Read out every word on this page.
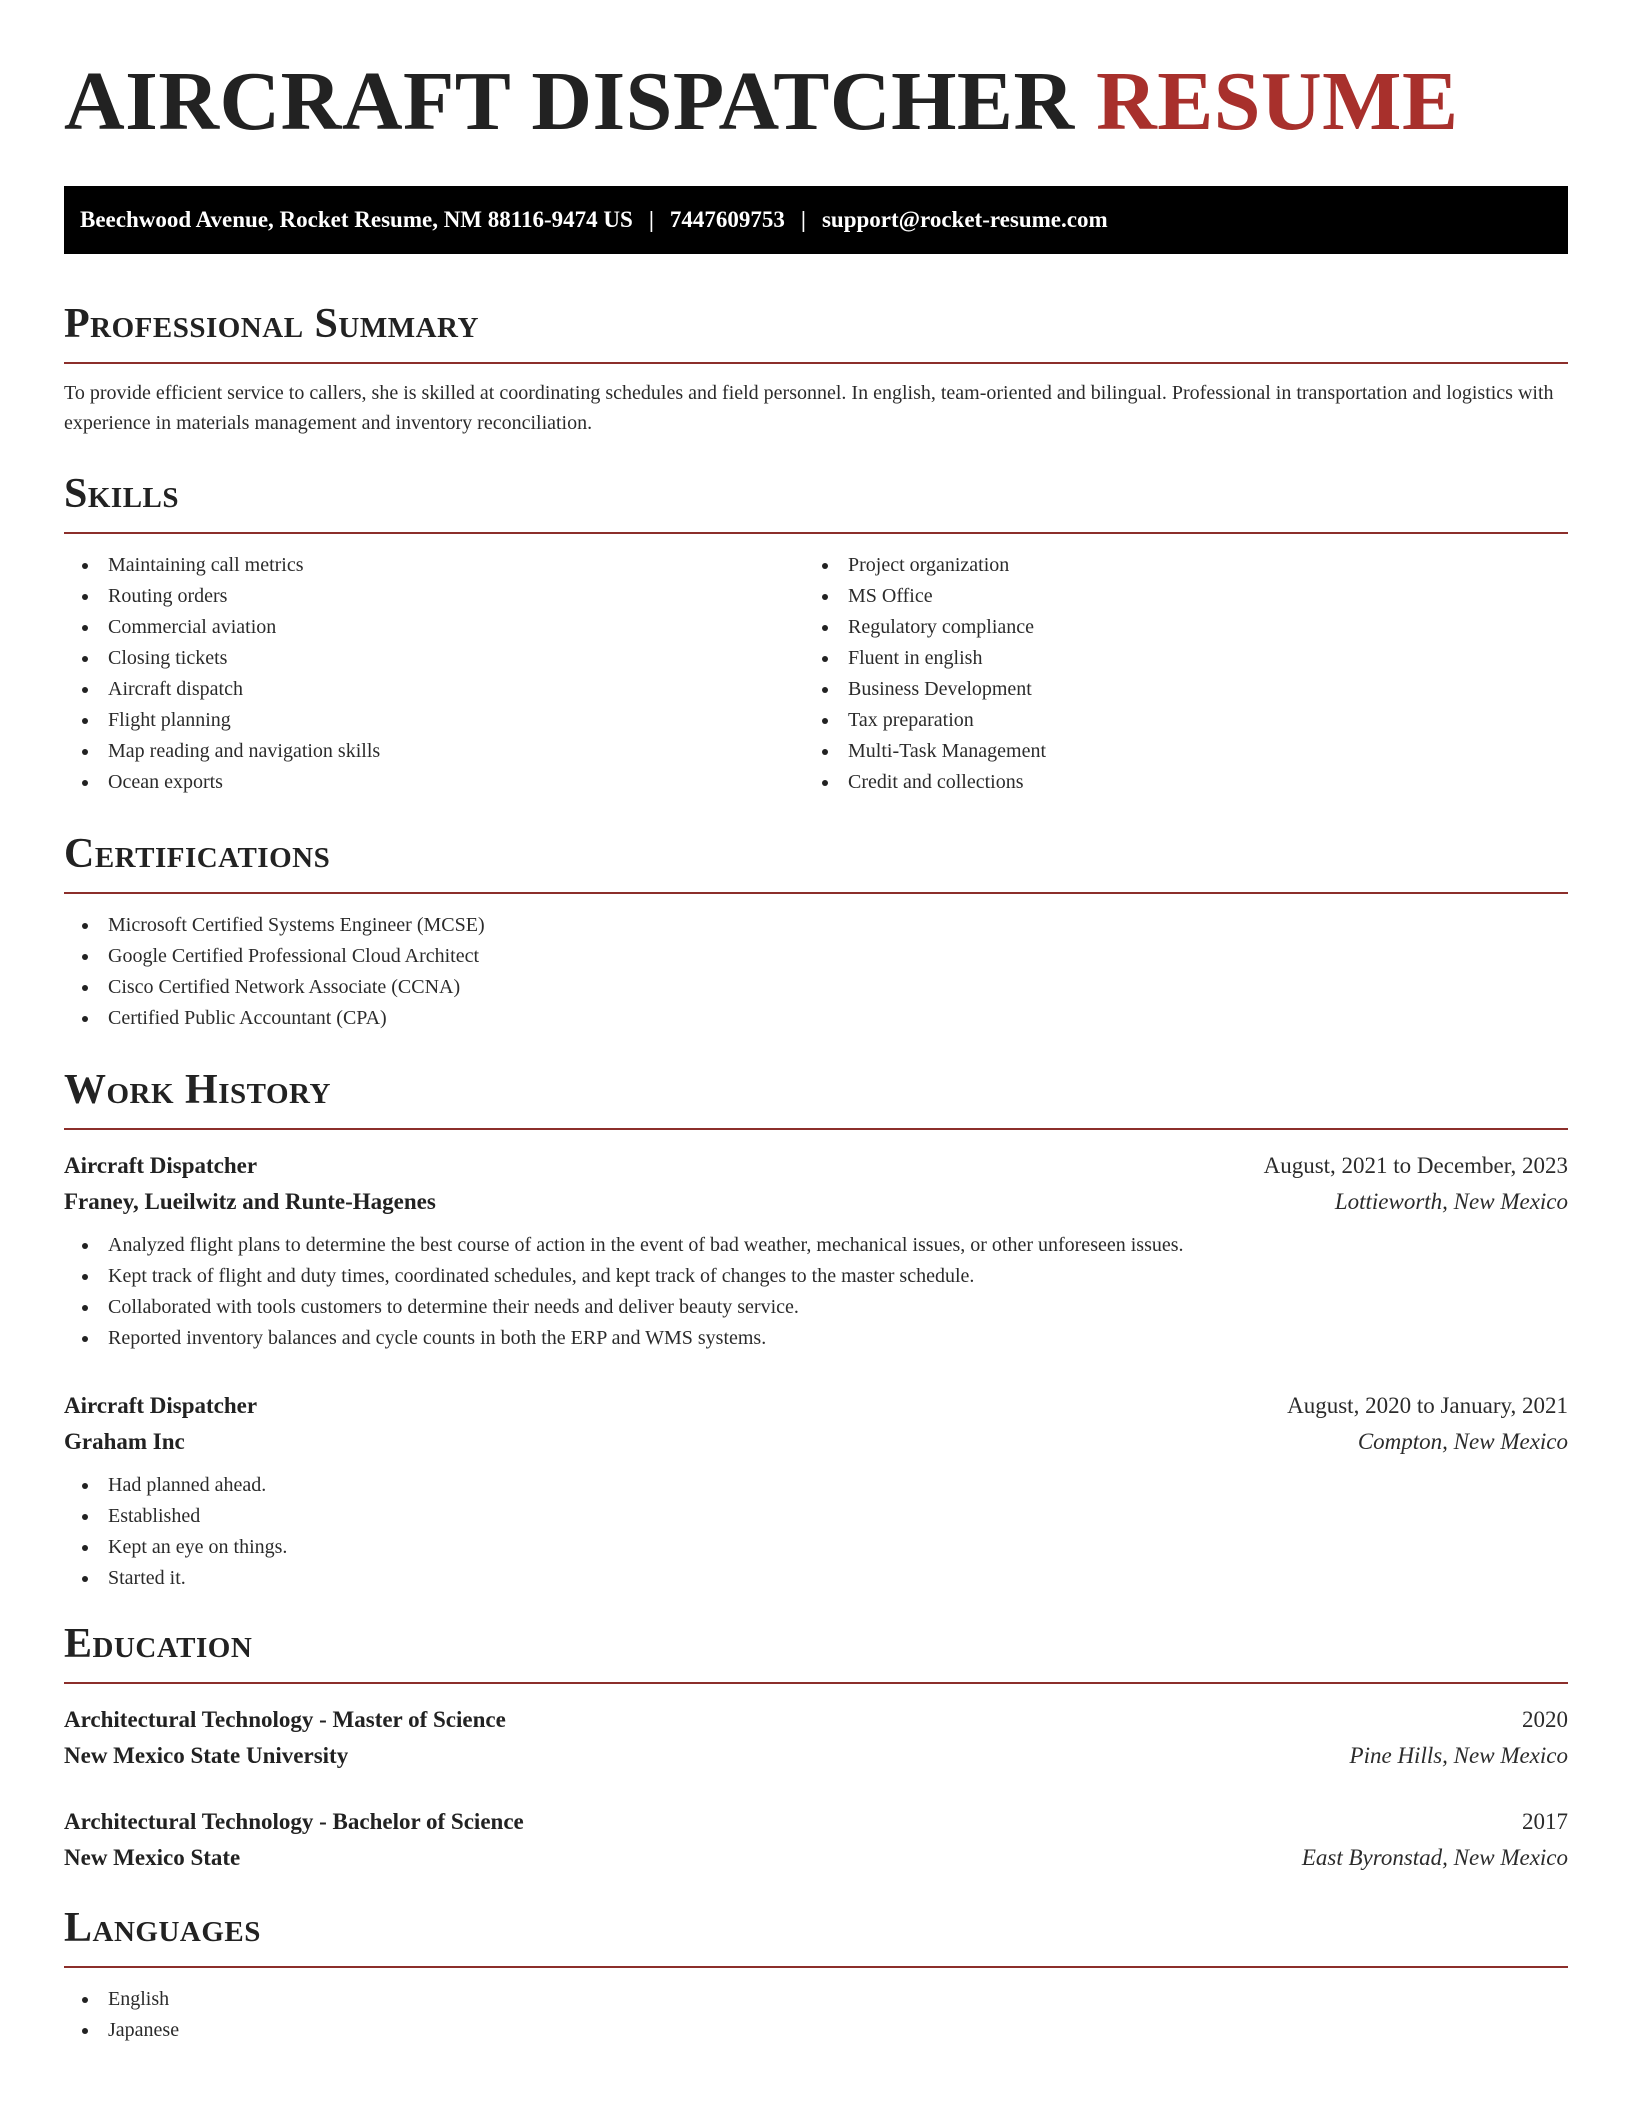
AIRCRAFT DISPATCHER RESUME
Beechwood Avenue, Rocket Resume, NM 88116-9474 US | 7447609753 | support@rocket-resume.com
Professional Summary

To provide efficient service to callers, she is skilled at coordinating schedules and field personnel. In english, team-oriented and bilingual. Professional in transportation and logistics with experience in materials management and inventory reconciliation.

Skills
Maintaining call metrics
Routing orders
Commercial aviation
Closing tickets
Aircraft dispatch
Flight planning
Map reading and navigation skills
Ocean exports
Project organization
MS Office
Regulatory compliance
Fluent in english
Business Development
Tax preparation
Multi-Task Management
Credit and collections
Certifications
Microsoft Certified Systems Engineer (MCSE)
Google Certified Professional Cloud Architect
Cisco Certified Network Associate (CCNA)
Certified Public Accountant (CPA)
Work History
Aircraft Dispatcher	August, 2021 to December, 2023
Franey, Lueilwitz and Runte-Hagenes	Lottieworth, New Mexico
Analyzed flight plans to determine the best course of action in the event of bad weather, mechanical issues, or other unforeseen issues.
Kept track of flight and duty times, coordinated schedules, and kept track of changes to the master schedule.
Collaborated with tools customers to determine their needs and deliver beauty service.
Reported inventory balances and cycle counts in both the ERP and WMS systems.
Aircraft Dispatcher	August, 2020 to January, 2021
Graham Inc	Compton, New Mexico
Had planned ahead.
Established
Kept an eye on things.
Started it.
Education
Architectural Technology - Master of Science	2020
New Mexico State University	Pine Hills, New Mexico
Architectural Technology - Bachelor of Science	2017
New Mexico State	East Byronstad, New Mexico
Languages
English
Japanese
